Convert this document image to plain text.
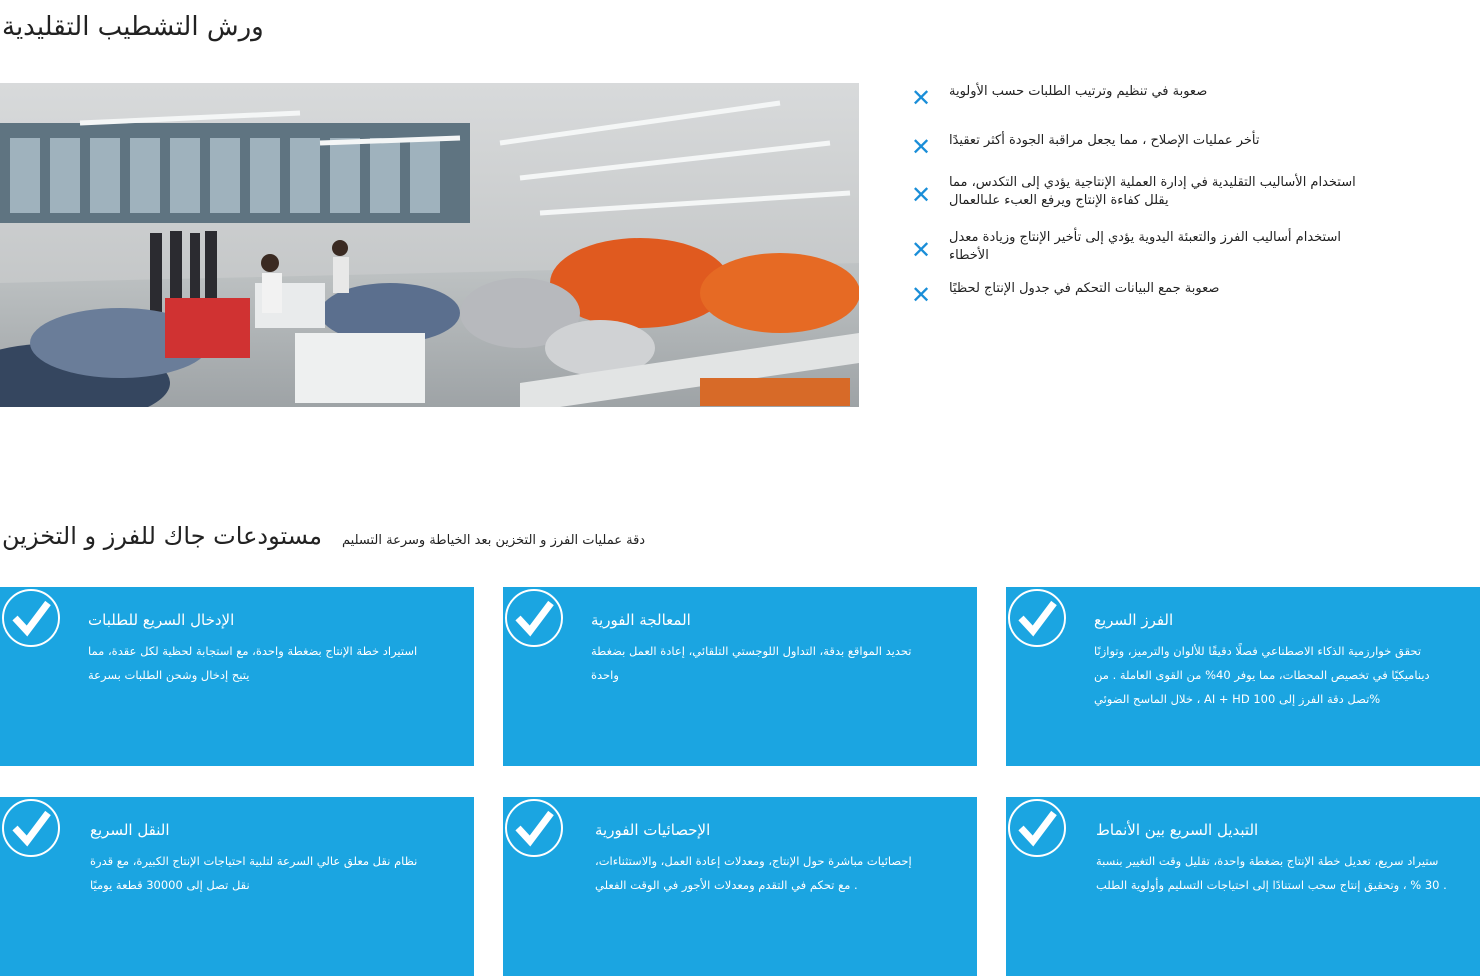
ورش التشطيب التقليدية
✕	صعوبة في تنظيم وترتيب الطلبات حسب الأولوية
✕	تأخر عمليات الإصلاح ، مما يجعل مراقبة الجودة أكثر تعقيدًا
✕	استخدام الأساليب التقليدية في إدارة العملية الإنتاجية يؤدي إلى التكدس، مما يقلل كفاءة الإنتاج ويرفع العبء علىالعمال
✕	استخدام أساليب الفرز والتعبئة اليدوية يؤدي إلى تأخير الإنتاج وزيادة معدل الأخطاء
✕	صعوبة جمع البيانات التحكم في جدول الإنتاج لحظيًا
مستودعات جاك للفرز و التخزين دقة عمليات الفرز و التخزين بعد الخياطة وسرعة التسليم
الإدخال السريع للطلبات
استيراد خطة الإنتاج بضغطة واحدة، مع استجابة لحظية لكل عقدة، مما يتيح إدخال وشحن الطلبات بسرعة
المعالجة الفورية
تحديد المواقع بدقة، التداول اللوجستي التلقائي، إعادة العمل بضغطة واحدة
الفرز السريع
تحقق خوارزمية الذكاء الاصطناعي فصلًا دقيقًا للألوان والترميز، وتوازنًا ديناميكيًا في تخصيص المحطات، مما يوفر 40% من القوى العاملة . من خلال الماسح الضوئي ، AI + HD تصل دقة الفرز إلى 100%
النقل السريع
نظام نقل معلق عالي السرعة لتلبية احتياجات الإنتاج الكبيرة، مع قدرة نقل تصل إلى 30000 قطعة يوميًا
الإحصائيات الفورية
إحصائيات مباشرة حول الإنتاج، ومعدلات إعادة العمل، والاستثناءات، مع تحكم في التقدم ومعدلات الأجور في الوقت الفعلي .
التبديل السريع بين الأنماط
ستيراد سريع، تعديل خطة الإنتاج بضغطة واحدة، تقليل وقت التغيير بنسبة 30 % ، وتحقيق إنتاج سحب استنادًا إلى احتياجات التسليم وأولوية الطلب .
